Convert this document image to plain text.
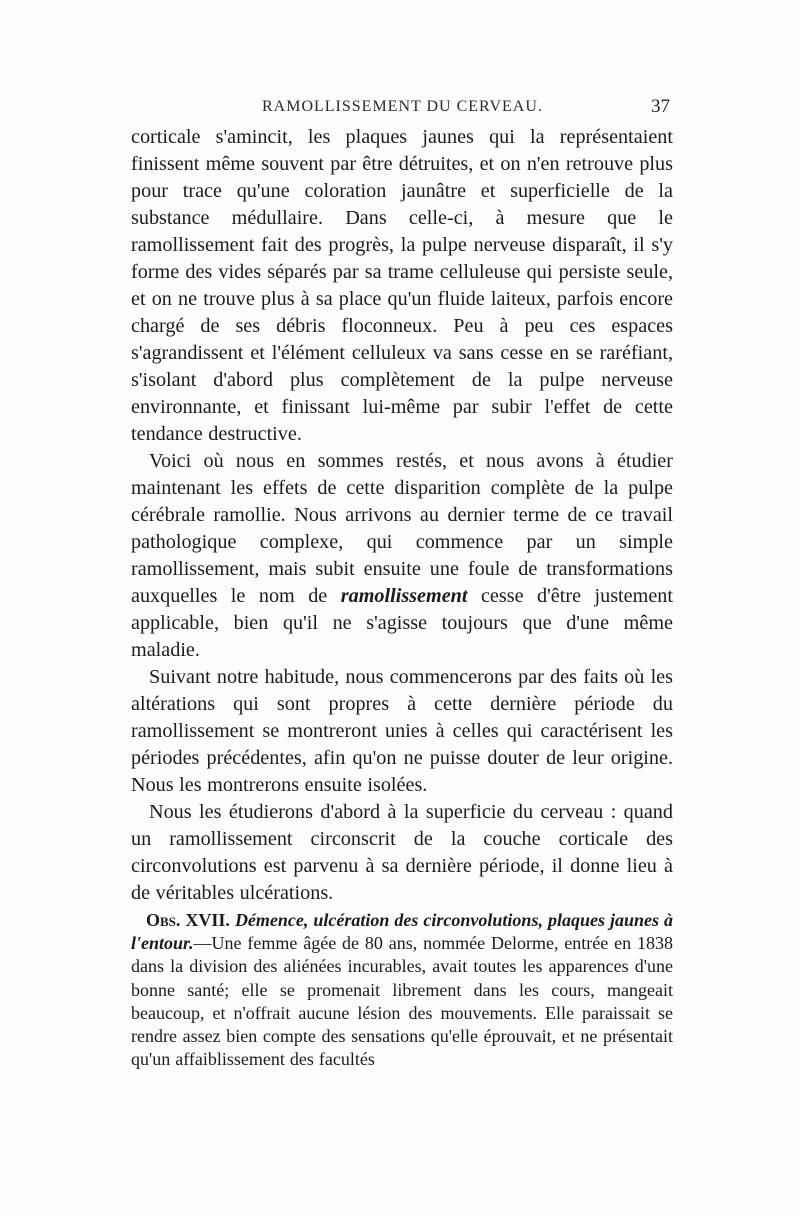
RAMOLLISSEMENT DU CERVEAU.	37

corticale s'amincit, les plaques jaunes qui la représentaient finissent même souvent par être détruites, et on n'en retrouve plus pour trace qu'une coloration jaunâtre et superficielle de la substance médullaire. Dans celle-ci, à mesure que le ramollissement fait des progrès, la pulpe nerveuse disparaît, il s'y forme des vides séparés par sa trame celluleuse qui persiste seule, et on ne trouve plus à sa place qu'un fluide laiteux, parfois encore chargé de ses débris floconneux. Peu à peu ces espaces s'agrandissent et l'élément celluleux va sans cesse en se raréfiant, s'isolant d'abord plus complètement de la pulpe nerveuse environnante, et finissant lui-même par subir l'effet de cette tendance destructive.

Voici où nous en sommes restés, et nous avons à étudier maintenant les effets de cette disparition complète de la pulpe cérébrale ramollie. Nous arrivons au dernier terme de ce travail pathologique complexe, qui commence par un simple ramollissement, mais subit ensuite une foule de transformations auxquelles le nom de ramollissement cesse d'être justement applicable, bien qu'il ne s'agisse toujours que d'une même maladie.

Suivant notre habitude, nous commencerons par des faits où les altérations qui sont propres à cette dernière période du ramollissement se montreront unies à celles qui caractérisent les périodes précédentes, afin qu'on ne puisse douter de leur origine. Nous les montrerons ensuite isolées.

Nous les étudierons d'abord à la superficie du cerveau : quand un ramollissement circonscrit de la couche corticale des circonvolutions est parvenu à sa dernière période, il donne lieu à de véritables ulcérations.

Obs. XVII. Démence, ulcération des circonvolutions, plaques jaunes à l'entour.—Une femme âgée de 80 ans, nommée Delorme, entrée en 1838 dans la division des aliénées incurables, avait toutes les apparences d'une bonne santé; elle se promenait librement dans les cours, mangeait beaucoup, et n'offrait aucune lésion des mouvements. Elle paraissait se rendre assez bien compte des sensations qu'elle éprouvait, et ne présentait qu'un affaiblissement des facultés
